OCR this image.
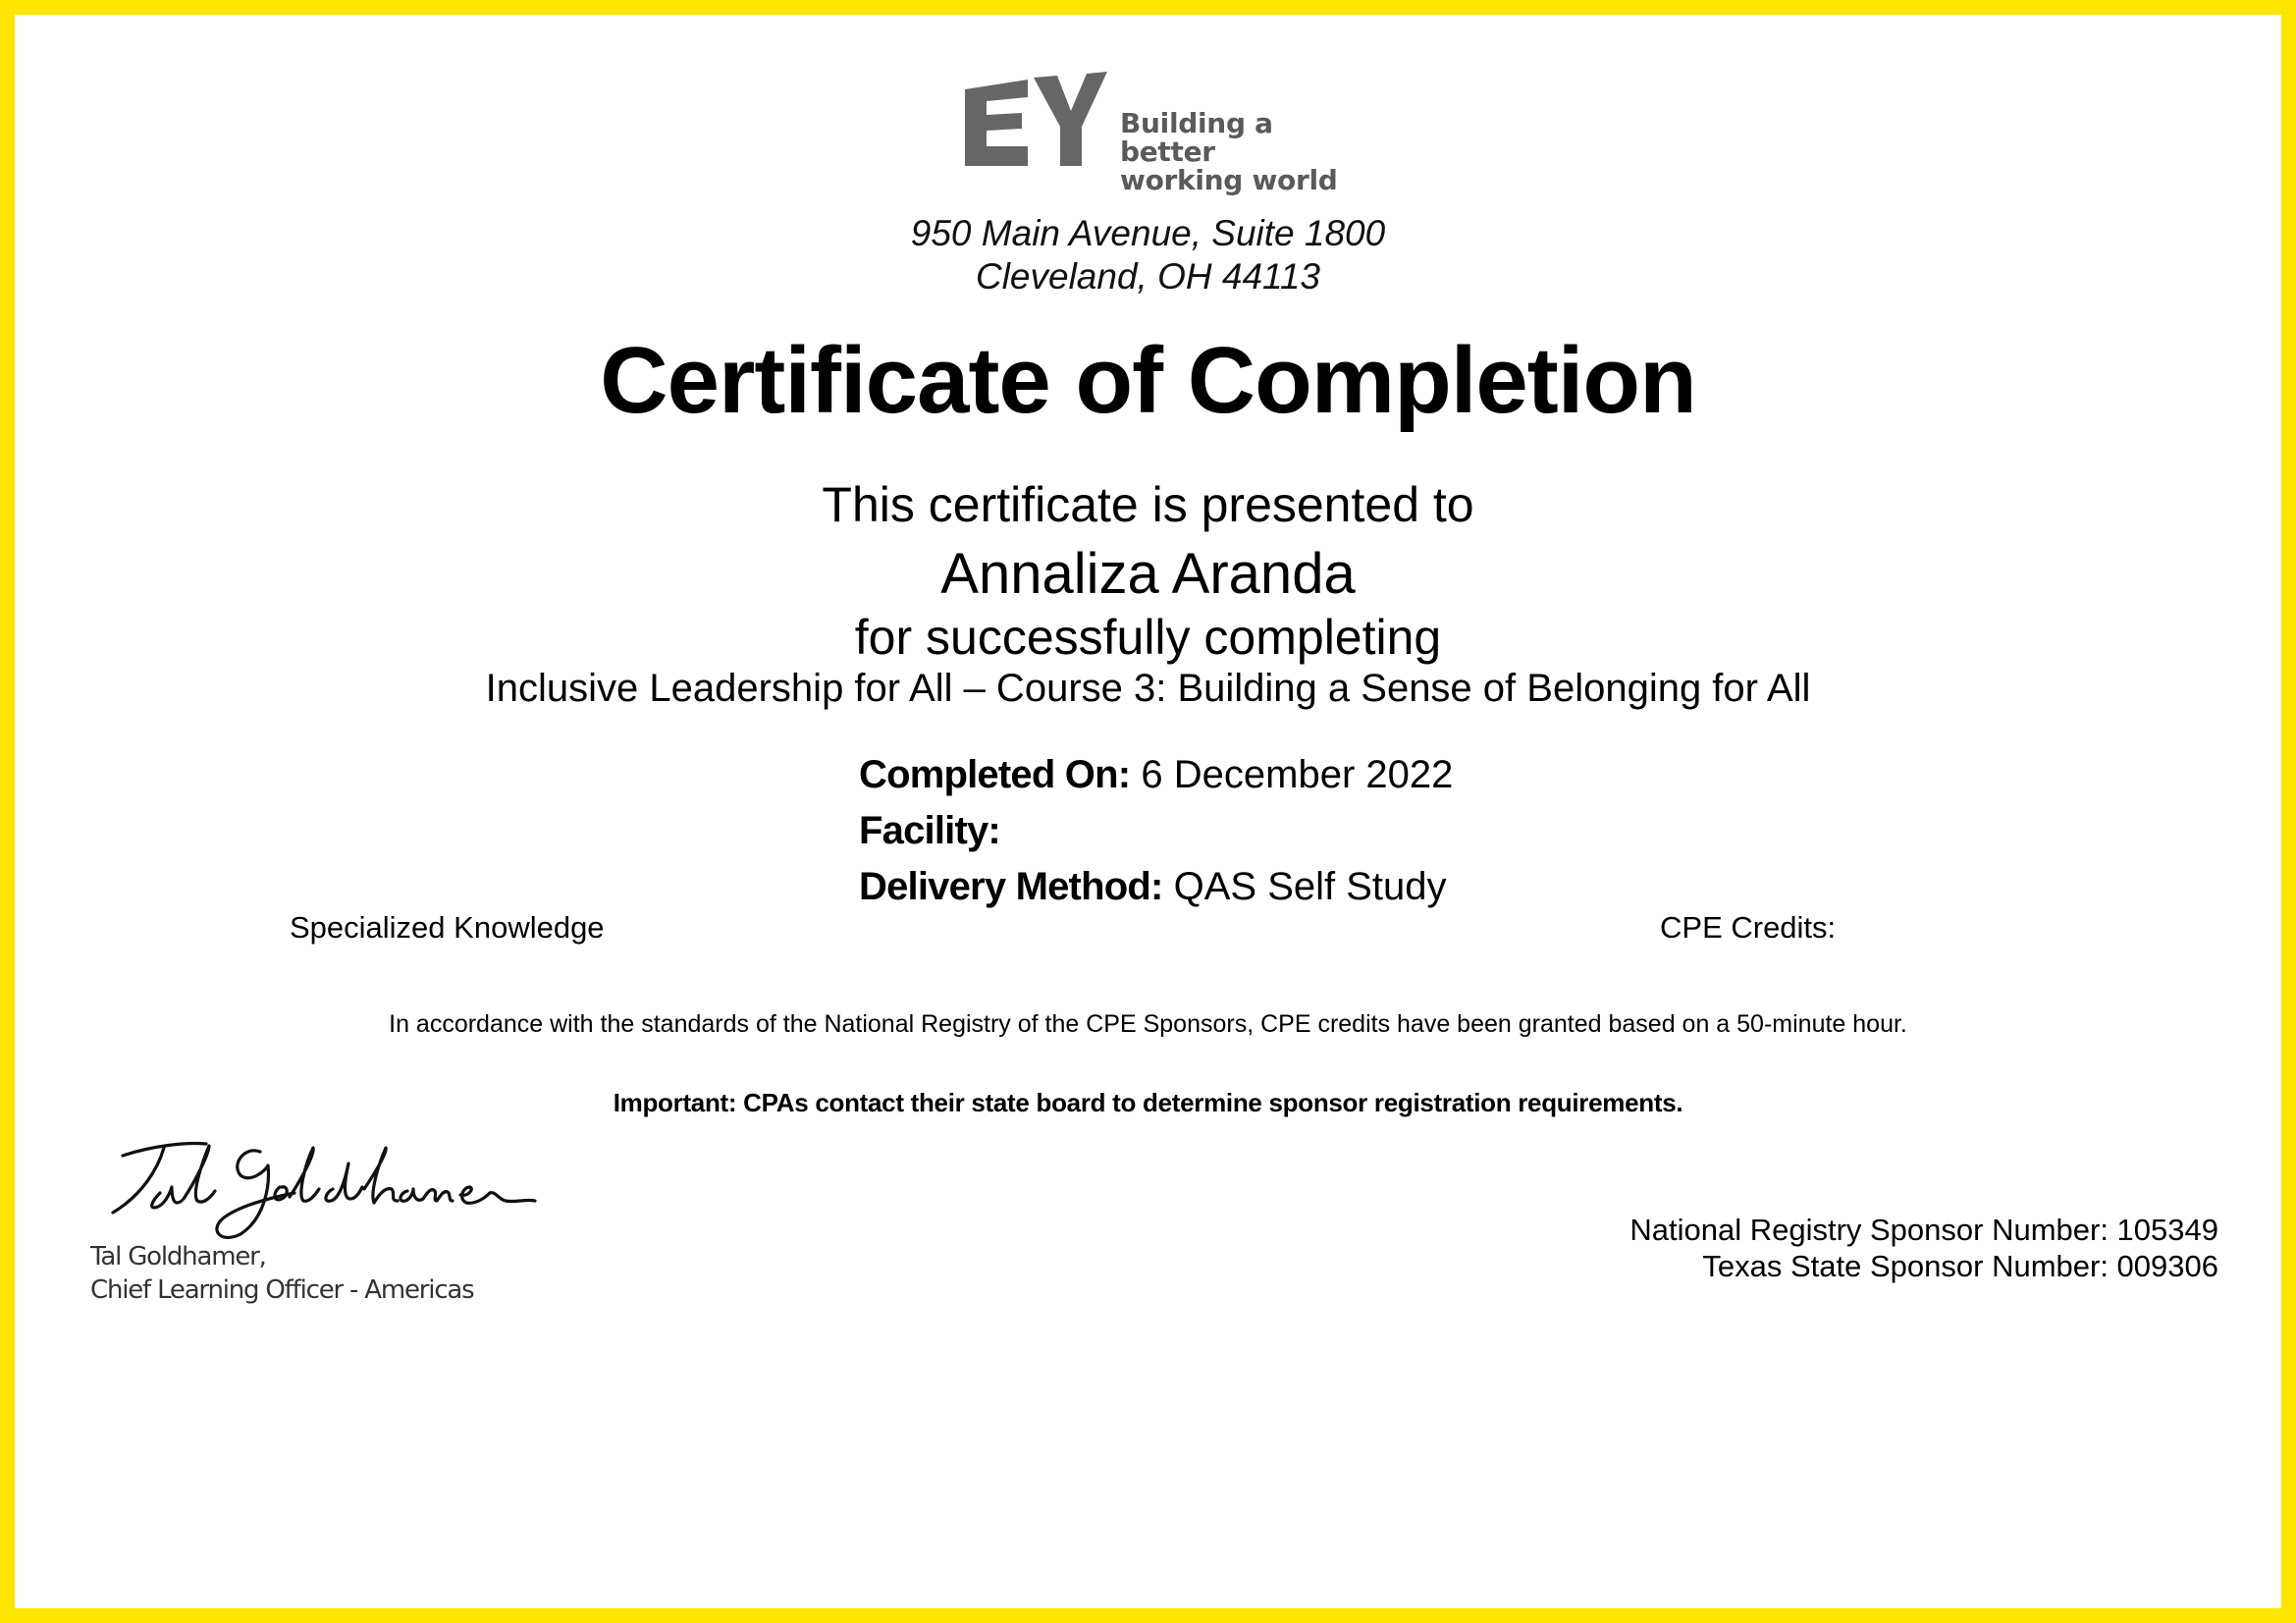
Building a better
working world
950 Main Avenue, Suite 1800
Cleveland, OH 44113
Certificate of Completion
This certificate is presented to
Annaliza Aranda
for successfully completing
Inclusive Leadership for All – Course 3: Building a Sense of Belonging for All
Completed On: 6 December 2022
Facility:
Delivery Method: QAS Self Study
Specialized Knowledge	CPE Credits:
In accordance with the standards of the National Registry of the CPE Sponsors, CPE credits have been granted based on a 50-minute hour.
Important: CPAs contact their state board to determine sponsor registration requirements.
Tal Goldhamer,
Chief Learning Officer - Americas
National Registry Sponsor Number: 105349
Texas State Sponsor Number: 009306
